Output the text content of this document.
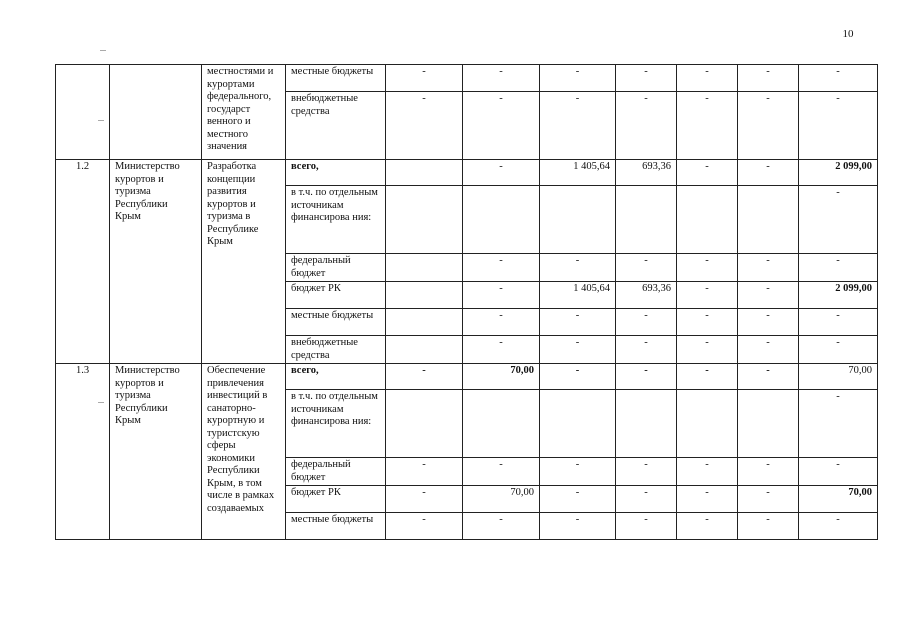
10
		местностями и курортами федерального, государст венного и местного значения	местные бюджеты	-	-	-	-	-	-	-
			внебюджетные средства	-	-	-	-	-	-	-
1.2	Министерство курортов и туризма Республики Крым	Разработка концепции развития курортов и туризма в Республике Крым	всего,		-	1 405,64	693,36	-	-	2 099,00
			в т.ч. по отдельным источникам финансирова ния:							-
			федеральный бюджет		-	-	-	-	-	-
			бюджет РК		-	1 405,64	693,36	-	-	2 099,00
			местные бюджеты		-	-	-	-	-	-
			внебюджетные средства		-	-	-	-	-	-
1.3	Министерство курортов и туризма Республики Крым	Обеспечение привлечения инвестиций в санаторно-курортную и туристскую сферы экономики Республики Крым, в том числе в рамках создаваемых	всего,	-	70,00	-	-	-	-	70,00
			в т.ч. по отдельным источникам финансирова ния:							-
			федеральный бюджет	-	-	-	-	-	-	-
			бюджет РК	-	70,00	-	-	-	-	70,00
			местные бюджеты	-	-	-	-	-	-	-
